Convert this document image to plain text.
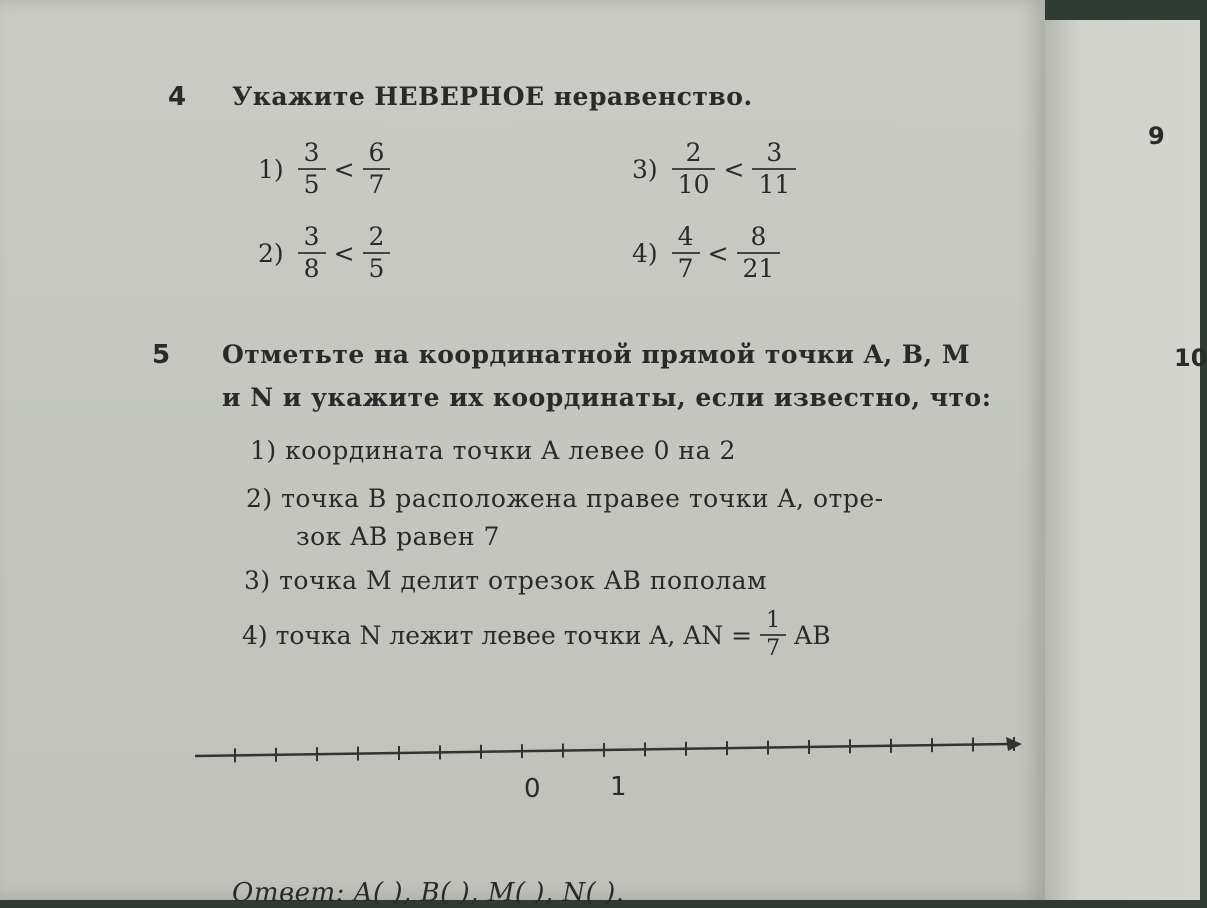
9
10
4 Укажите НЕВЕРНОЕ неравенство.
$1) \frac{3}{5} < \frac{6}{7}$
$2) \frac{3}{8} < \frac{2}{5}$
$3) \frac{2}{10} < \frac{3}{11}$
$4) \frac{4}{7} < \frac{8}{21}$
5 Отметьте на координатной прямой точки A, B, M
и N и укажите их координаты, если известно, что:
1) координата точки A левее 0 на 2
2) точка B расположена правее точки A, отре-
зок AB равен 7
3) точка M делит отрезок AB пополам
4) точка N лежит левее точки A, AN = $\frac{1}{7}$ AB
0	1
Ответ: A( ), B( ), M( ), N( ).
